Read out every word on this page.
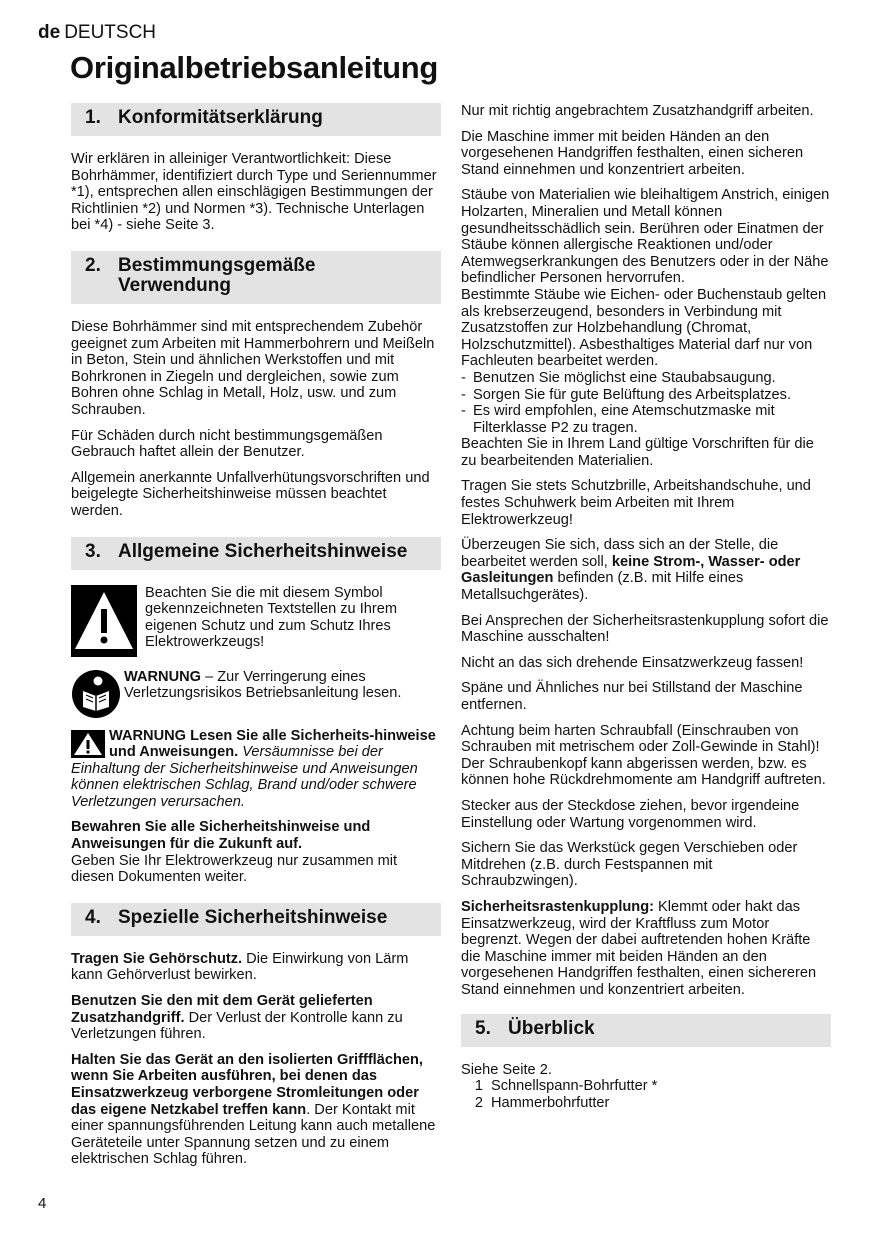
de DEUTSCH
Originalbetriebsanleitung
1. Konformitätserklärung

Wir erklären in alleiniger Verantwortlichkeit: Diese Bohrhämmer, identifiziert durch Type und Seriennummer *1), entsprechen allen einschlägigen Bestimmungen der Richtlinien *2) und Normen *3). Technische Unterlagen bei *4) - siehe Seite 3.

2. Bestimmungsgemäße Verwendung

Diese Bohrhämmer sind mit entsprechendem Zubehör geeignet zum Arbeiten mit Hammerbohrern und Meißeln in Beton, Stein und ähnlichen Werkstoffen und mit Bohrkronen in Ziegeln und dergleichen, sowie zum Bohren ohne Schlag in Metall, Holz, usw. und zum Schrauben.

Für Schäden durch nicht bestimmungsgemäßen Gebrauch haftet allein der Benutzer.

Allgemein anerkannte Unfallverhütungsvorschriften und beigelegte Sicherheitshinweise müssen beachtet werden.

3. Allgemeine Sicherheitshinweise
Beachten Sie die mit diesem Symbol gekennzeichneten Textstellen zu Ihrem eigenen Schutz und zum Schutz Ihres Elektrowerkzeugs!
WARNUNG – Zur Verringerung eines Verletzungsrisikos Betriebsanleitung lesen.

WARNUNG Lesen Sie alle Sicherheits-hinweise und Anweisungen. Versäumnisse bei der Einhaltung der Sicherheitshinweise und Anweisungen können elektrischen Schlag, Brand und/oder schwere Verletzungen verursachen.

Bewahren Sie alle Sicherheitshinweise und Anweisungen für die Zukunft auf.

Geben Sie Ihr Elektrowerkzeug nur zusammen mit diesen Dokumenten weiter.

4. Spezielle Sicherheitshinweise

Tragen Sie Gehörschutz. Die Einwirkung von Lärm kann Gehörverlust bewirken.

Benutzen Sie den mit dem Gerät gelieferten Zusatzhandgriff. Der Verlust der Kontrolle kann zu Verletzungen führen.

Halten Sie das Gerät an den isolierten Griffflächen, wenn Sie Arbeiten ausführen, bei denen das Einsatzwerkzeug verborgene Stromleitungen oder das eigene Netzkabel treffen kann. Der Kontakt mit einer spannungsführenden Leitung kann auch metallene Geräteteile unter Spannung setzen und zu einem elektrischen Schlag führen.

Nur mit richtig angebrachtem Zusatzhandgriff arbeiten.

Die Maschine immer mit beiden Händen an den vorgesehenen Handgriffen festhalten, einen sicheren Stand einnehmen und konzentriert arbeiten.

Stäube von Materialien wie bleihaltigem Anstrich, einigen Holzarten, Mineralien und Metall können gesundheitsschädlich sein. Berühren oder Einatmen der Stäube können allergische Reaktionen und/oder Atemwegserkrankungen des Benutzers oder in der Nähe befindlicher Personen hervorrufen.

Bestimmte Stäube wie Eichen- oder Buchenstaub gelten als krebserzeugend, besonders in Verbindung mit Zusatzstoffen zur Holzbehandlung (Chromat, Holzschutzmittel). Asbesthaltiges Material darf nur von Fachleuten bearbeitet werden.

- Benutzen Sie möglichst eine Staubabsaugung.
- Sorgen Sie für gute Belüftung des Arbeitsplatzes.
- Es wird empfohlen, eine Atemschutzmaske mit Filterklasse P2 zu tragen.

Beachten Sie in Ihrem Land gültige Vorschriften für die zu bearbeitenden Materialien.

Tragen Sie stets Schutzbrille, Arbeitshandschuhe, und festes Schuhwerk beim Arbeiten mit Ihrem Elektrowerkzeug!

Überzeugen Sie sich, dass sich an der Stelle, die bearbeitet werden soll, keine Strom-, Wasser- oder Gasleitungen befinden (z.B. mit Hilfe eines Metallsuchgerätes).

Bei Ansprechen der Sicherheitsrastenkupplung sofort die Maschine ausschalten!

Nicht an das sich drehende Einsatzwerkzeug fassen!

Späne und Ähnliches nur bei Stillstand der Maschine entfernen.

Achtung beim harten Schraubfall (Einschrauben von Schrauben mit metrischem oder Zoll-Gewinde in Stahl)! Der Schraubenkopf kann abgerissen werden, bzw. es können hohe Rückdrehmomente am Handgriff auftreten.

Stecker aus der Steckdose ziehen, bevor irgendeine Einstellung oder Wartung vorgenommen wird.

Sichern Sie das Werkstück gegen Verschieben oder Mitdrehen (z.B. durch Festspannen mit Schraubzwingen).

Sicherheitsrastenkupplung: Klemmt oder hakt das Einsatzwerkzeug, wird der Kraftfluss zum Motor begrenzt. Wegen der dabei auftretenden hohen Kräfte die Maschine immer mit beiden Händen an den vorgesehenen Handgriffen festhalten, einen sichereren Stand einnehmen und konzentriert arbeiten.

5. Überblick

Siehe Seite 2.

1 Schnellspann-Bohrfutter *
2 Hammerbohrfutter
4
